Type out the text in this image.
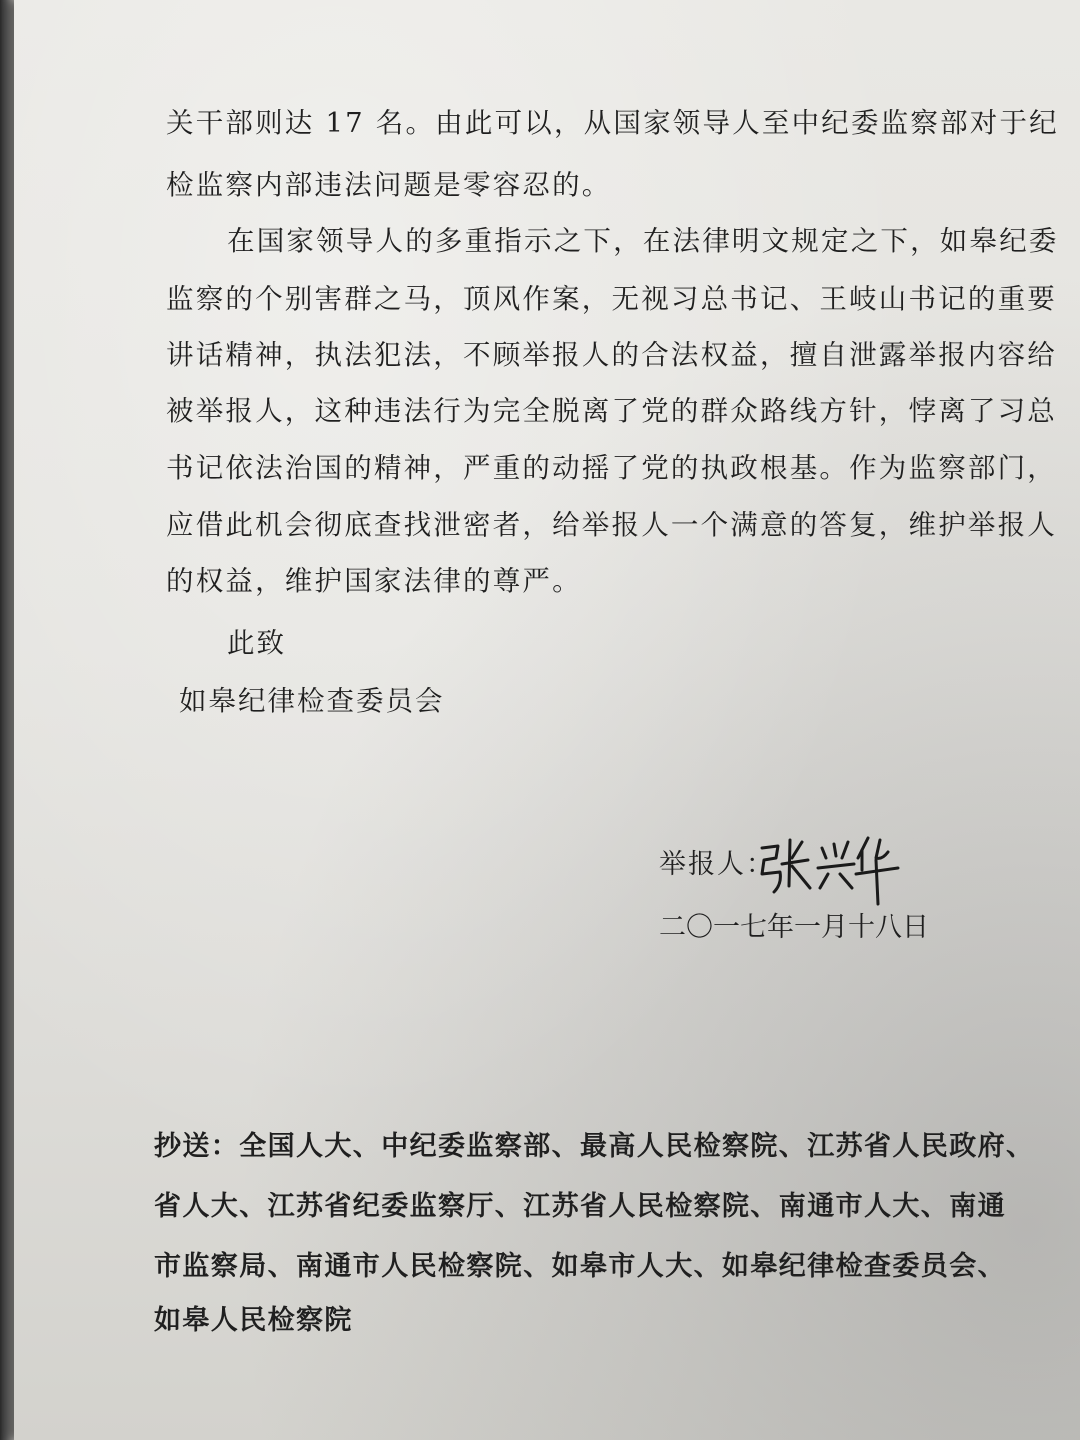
关干部则达 17 名。由此可以，从国家领导人至中纪委监察部对于纪

检监察内部违法问题是零容忍的。

在国家领导人的多重指示之下，在法律明文规定之下，如皋纪委

监察的个别害群之马，顶风作案，无视习总书记、王岐山书记的重要

讲话精神，执法犯法，不顾举报人的合法权益，擅自泄露举报内容给

被举报人，这种违法行为完全脱离了党的群众路线方针，悖离了习总

书记依法治国的精神，严重的动摇了党的执政根基。作为监察部门，

应借此机会彻底查找泄密者，给举报人一个满意的答复，维护举报人

的权益，维护国家法律的尊严。

此致

如皋纪律检查委员会

举报人：

二〇一七年一月十八日

抄送：全国人大、中纪委监察部、最高人民检察院、江苏省人民政府、

省人大、江苏省纪委监察厅、江苏省人民检察院、南通市人大、南通

市监察局、南通市人民检察院、如皋市人大、如皋纪律检查委员会、

如皋人民检察院
